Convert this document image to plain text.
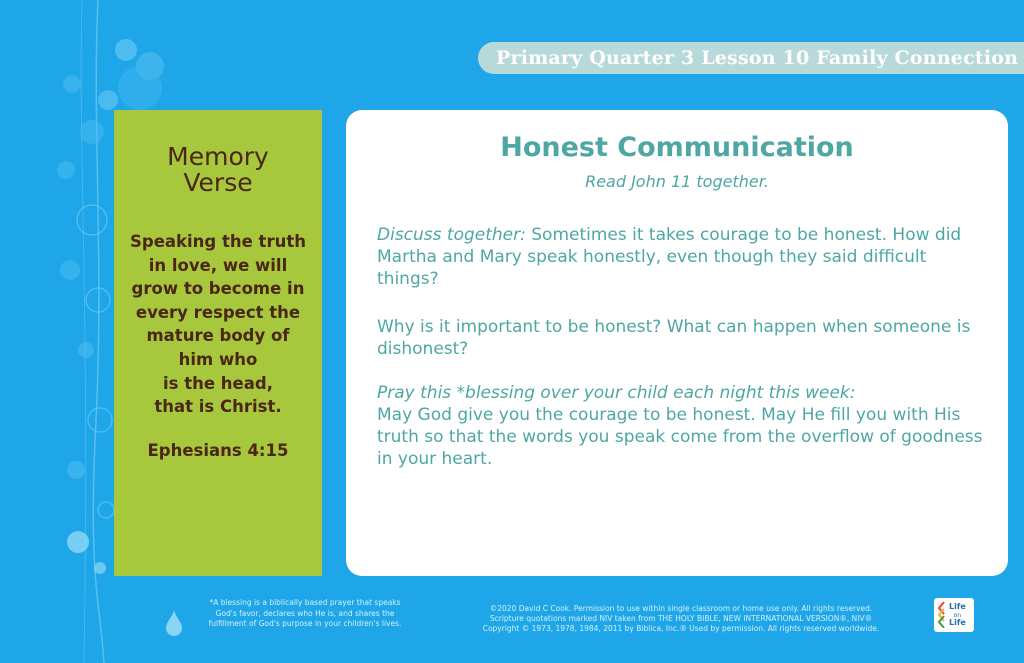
Primary Quarter 3 Lesson 10 Family Connection
Memory
Verse
Speaking the truth
in love, we will
grow to become in
every respect the
mature body of
him who
is the head,
that is Christ.
Ephesians 4:15
Honest Communication
Read John 11 together.
Discuss together: Sometimes it takes courage to be honest. How did Martha and Mary speak honestly, even though they said difficult things?
Why is it important to be honest? What can happen when someone is dishonest?
Pray this *blessing over your child each night this week:
May God give you the courage to be honest. May He fill you with His truth so that the words you speak come from the overflow of goodness in your heart.
*A blessing is a biblically based prayer that speaks
God's favor, declares who He is, and shares the
fulfillment of God's purpose in your children's lives.
©2020 David C Cook. Permission to use within single classroom or home use only. All rights reserved.
Scripture quotations marked NIV taken from THE HOLY BIBLE, NEW INTERNATIONAL VERSION®, NIV®
Copyright © 1973, 1978, 1984, 2011 by Biblica, Inc.® Used by permission. All rights reserved worldwide.
Life
on
Life
